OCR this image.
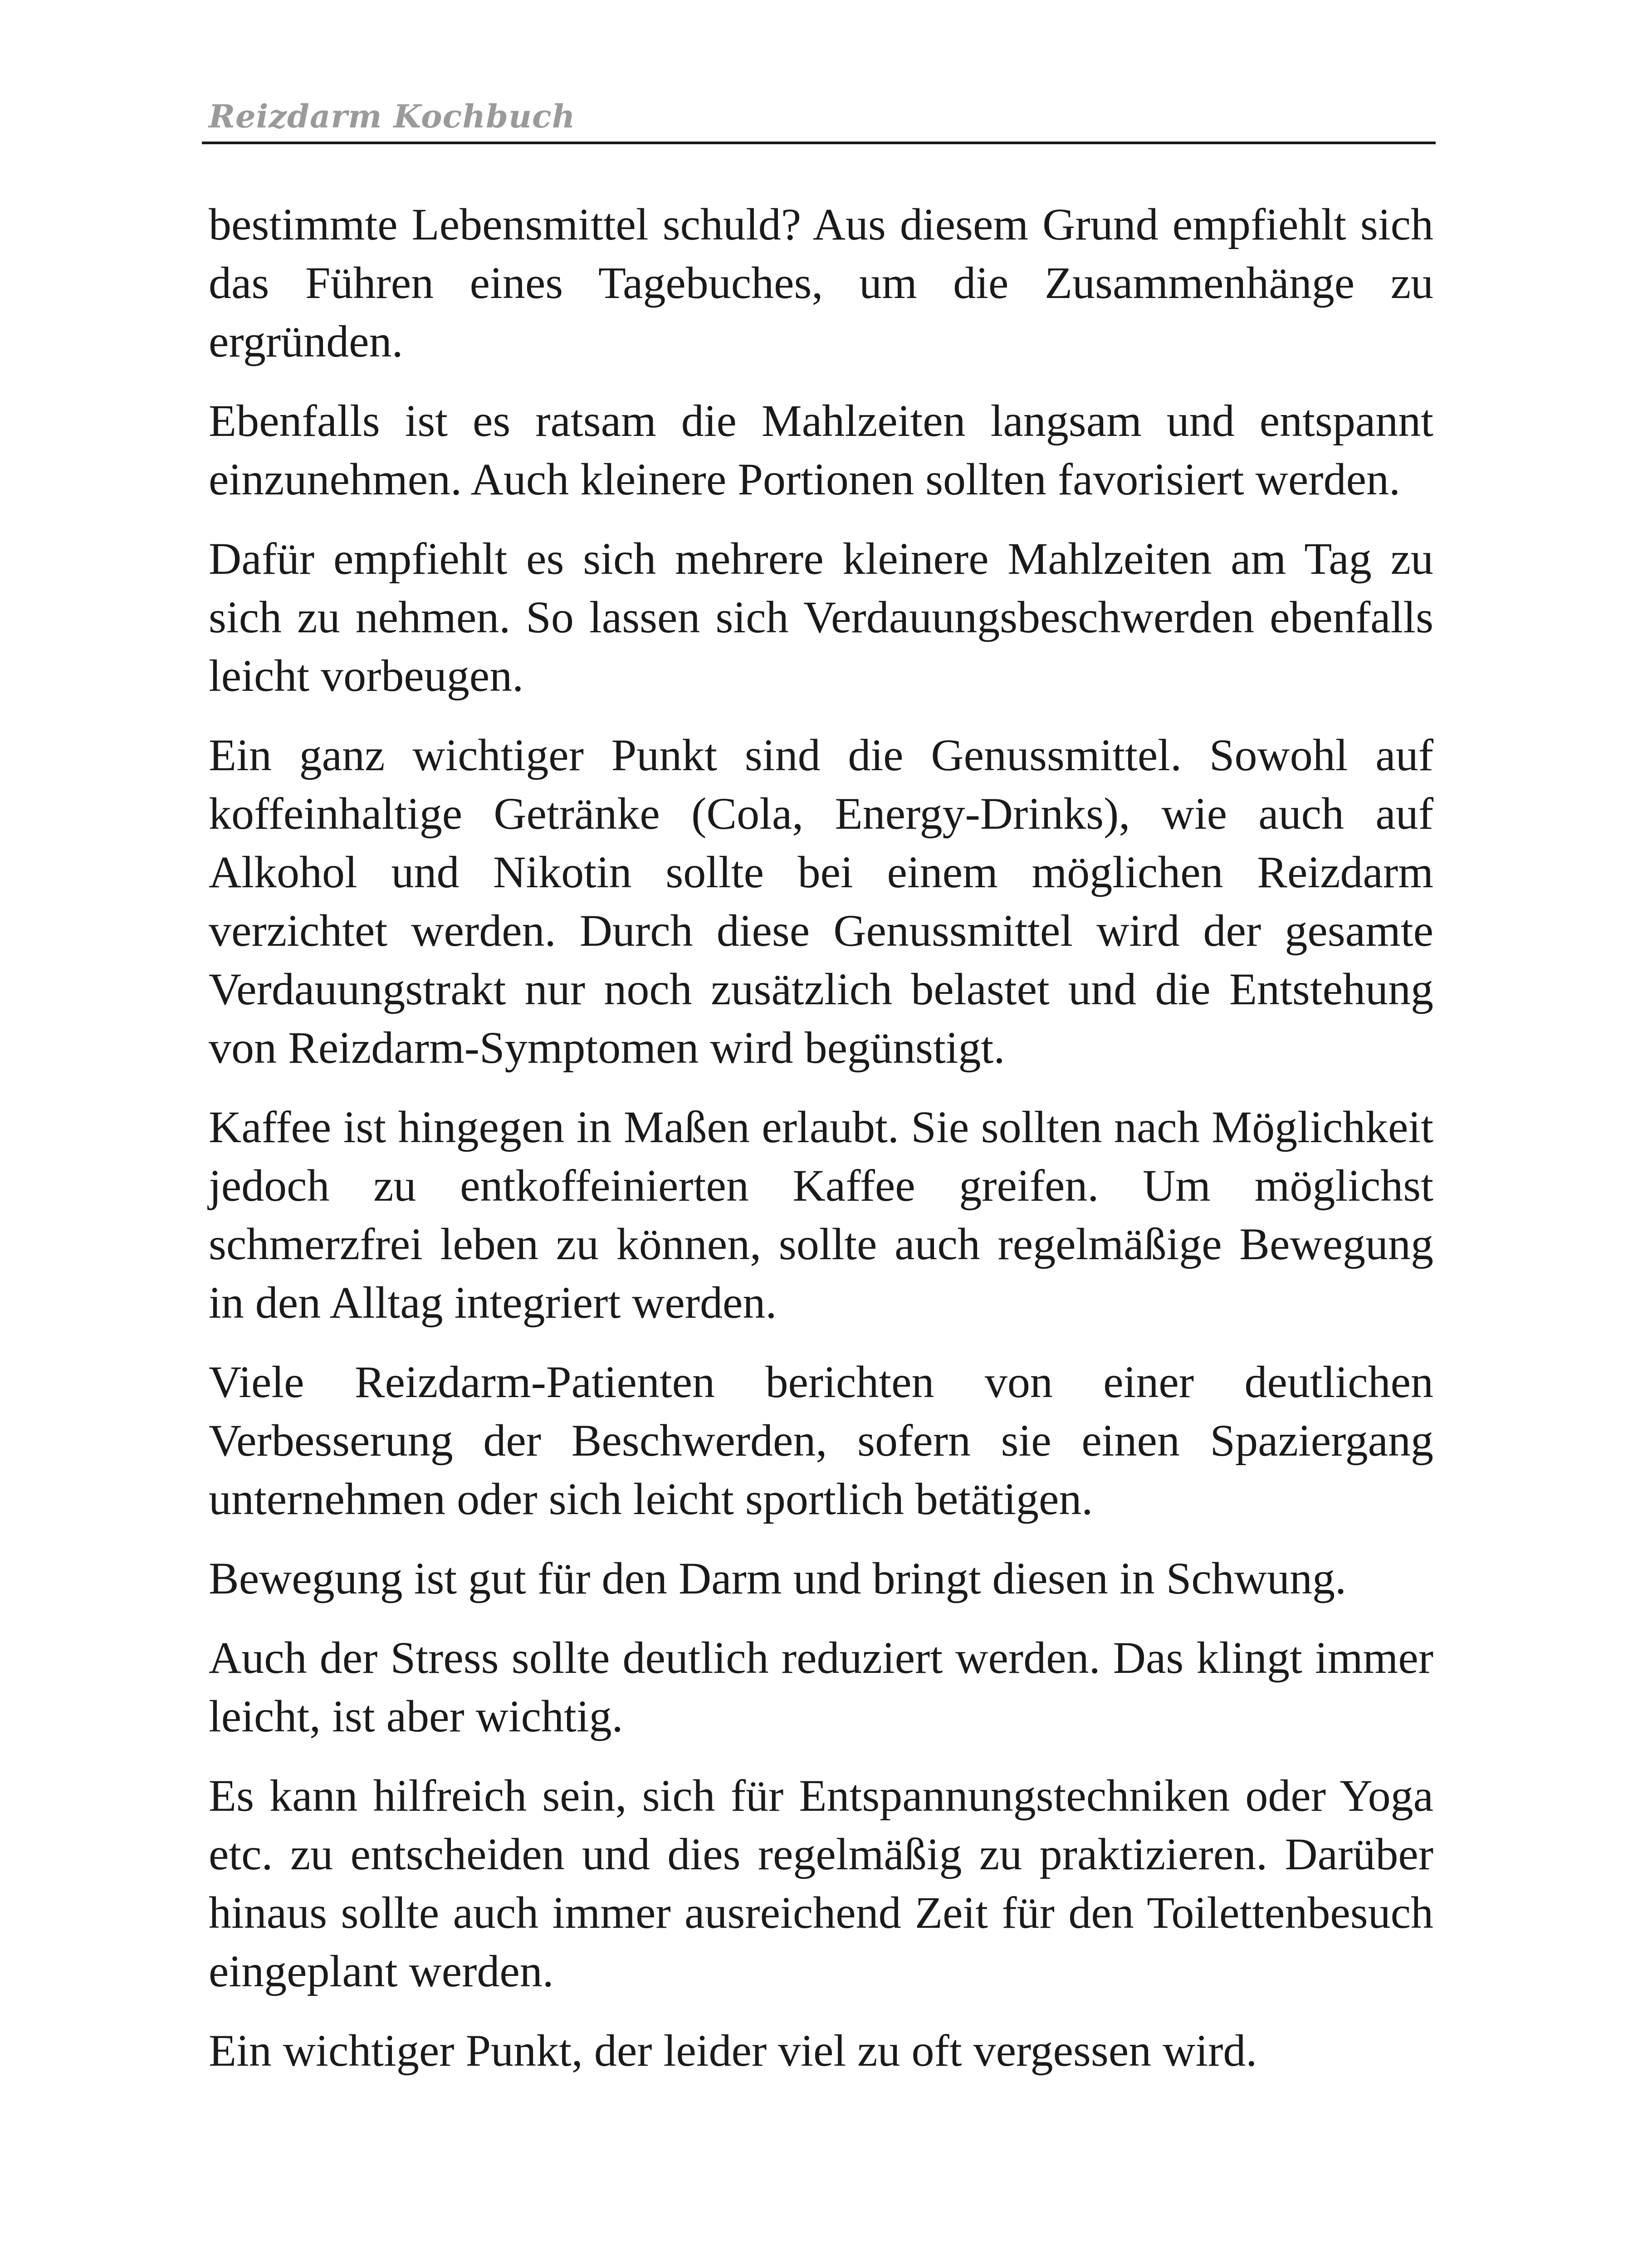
Reizdarm Kochbuch

bestimmte Lebensmittel schuld? Aus diesem Grund empfiehlt sich das Führen eines Tagebuches, um die Zusammenhänge zu ergründen.

Ebenfalls ist es ratsam die Mahlzeiten langsam und entspannt einzunehmen. Auch kleinere Portionen sollten favorisiert werden.

Dafür empfiehlt es sich mehrere kleinere Mahlzeiten am Tag zu sich zu nehmen. So lassen sich Verdauungsbeschwerden ebenfalls leicht vorbeugen.

Ein ganz wichtiger Punkt sind die Genussmittel. Sowohl auf koffeinhaltige Getränke (Cola, Energy-Drinks), wie auch auf Alkohol und Nikotin sollte bei einem möglichen Reizdarm verzichtet werden. Durch diese Genussmittel wird der gesamte Verdauungstrakt nur noch zusätzlich belastet und die Entstehung von Reizdarm-Symptomen wird begünstigt.

Kaffee ist hingegen in Maßen erlaubt. Sie sollten nach Möglichkeit jedoch zu entkoffeinierten Kaffee greifen. Um möglichst schmerzfrei leben zu können, sollte auch regelmäßige Bewegung in den Alltag integriert werden.

Viele Reizdarm-Patienten berichten von einer deutlichen Verbesserung der Beschwerden, sofern sie einen Spaziergang unternehmen oder sich leicht sportlich betätigen.

Bewegung ist gut für den Darm und bringt diesen in Schwung.

Auch der Stress sollte deutlich reduziert werden. Das klingt immer leicht, ist aber wichtig.

Es kann hilfreich sein, sich für Entspannungstechniken oder Yoga etc. zu entscheiden und dies regelmäßig zu praktizieren. Darüber hinaus sollte auch immer ausreichend Zeit für den Toilettenbesuch eingeplant werden.

Ein wichtiger Punkt, der leider viel zu oft vergessen wird.
